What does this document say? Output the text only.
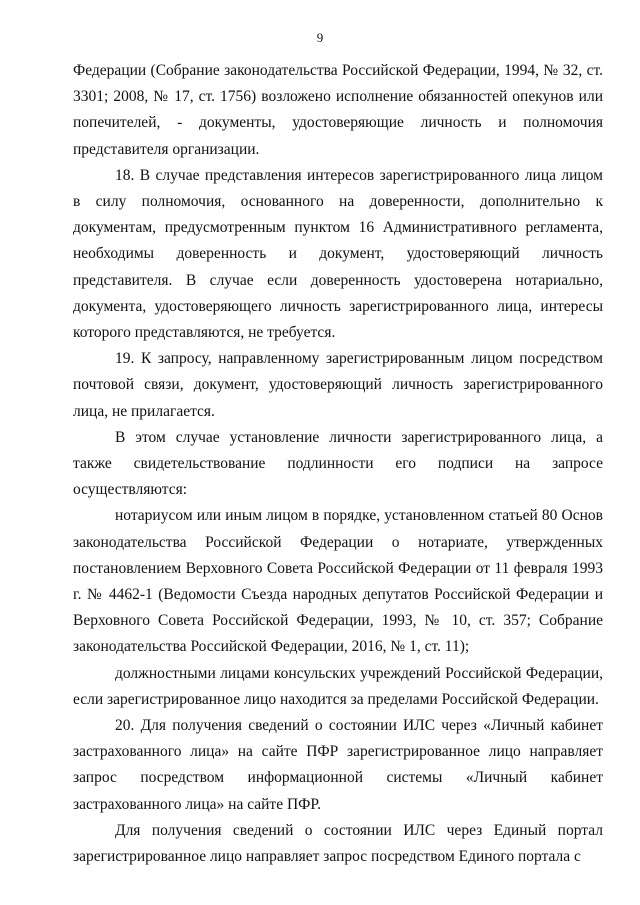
9

Федерации (Собрание законодательства Российской Федерации, 1994, № 32, ст. 3301; 2008, № 17, ст. 1756) возложено исполнение обязанностей опекунов или попечителей, - документы, удостоверяющие личность и полномочия представителя организации.

18. В случае представления интересов зарегистрированного лица лицом в силу полномочия, основанного на доверенности, дополнительно к документам, предусмотренным пунктом 16 Административного регламента, необходимы доверенность и документ, удостоверяющий личность представителя. В случае если доверенность удостоверена нотариально, документа, удостоверяющего личность зарегистрированного лица, интересы которого представляются, не требуется.

19. К запросу, направленному зарегистрированным лицом посредством почтовой связи, документ, удостоверяющий личность зарегистрированного лица, не прилагается.

В этом случае установление личности зарегистрированного лица, а также свидетельствование подлинности его подписи на запросе осуществляются:

нотариусом или иным лицом в порядке, установленном статьей 80 Основ законодательства Российской Федерации о нотариате, утвержденных постановлением Верховного Совета Российской Федерации от 11 февраля 1993 г. № 4462-1 (Ведомости Съезда народных депутатов Российской Федерации и Верховного Совета Российской Федерации, 1993, № 10, ст. 357; Собрание законодательства Российской Федерации, 2016, № 1, ст. 11);

должностными лицами консульских учреждений Российской Федерации, если зарегистрированное лицо находится за пределами Российской Федерации.

20. Для получения сведений о состоянии ИЛС через «Личный кабинет застрахованного лица» на сайте ПФР зарегистрированное лицо направляет запрос посредством информационной системы «Личный кабинет застрахованного лица» на сайте ПФР.

Для получения сведений о состоянии ИЛС через Единый портал зарегистрированное лицо направляет запрос посредством Единого портала с
